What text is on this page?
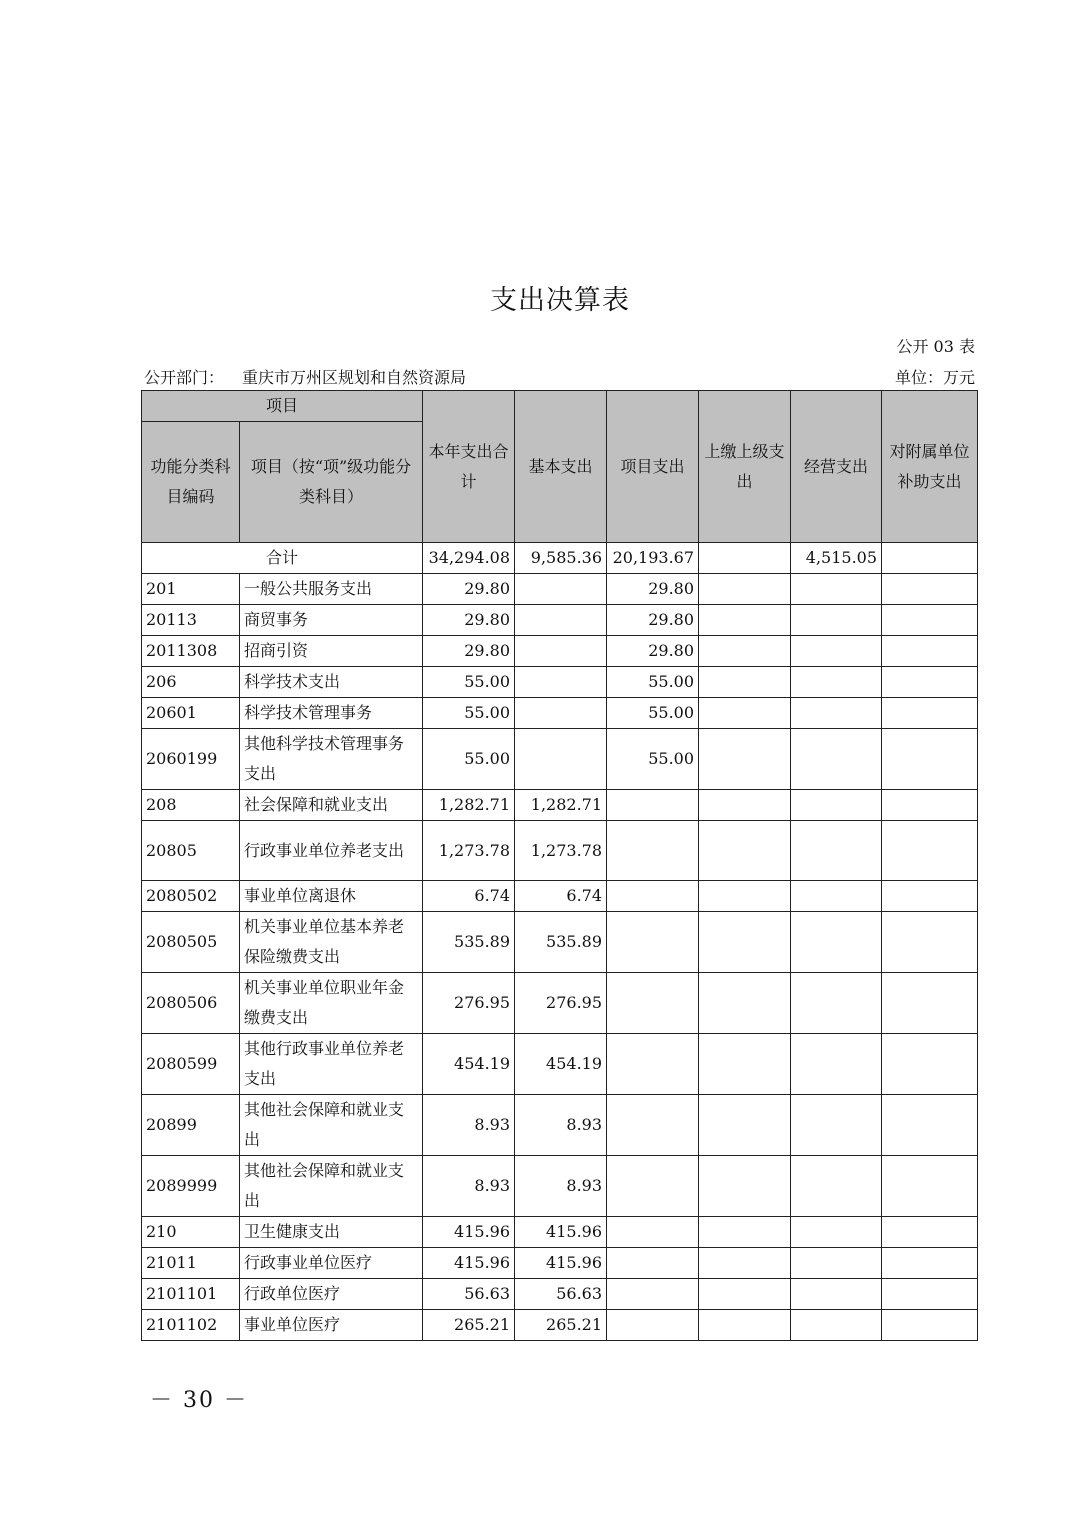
支出决算表
公开 03 表
公开部门： 重庆市万州区规划和自然资源局	单位：万元
项目		本年支出合计	基本支出	项目支出	上缴上级支出	经营支出	对附属单位补助支出
功能分类科目编码	项目（按“项”级功能分类科目）						
合计		34,294.08	9,585.36	20,193.67		4,515.05	
201	一般公共服务支出	29.80		29.80			
20113	商贸事务	29.80		29.80			
2011308	招商引资	29.80		29.80			
206	科学技术支出	55.00		55.00			
20601	科学技术管理事务	55.00		55.00			
2060199	其他科学技术管理事务支出	55.00		55.00			
208	社会保障和就业支出	1,282.71	1,282.71				
20805	行政事业单位养老支出	1,273.78	1,273.78				
2080502	事业单位离退休	6.74	6.74				
2080505	机关事业单位基本养老保险缴费支出	535.89	535.89				
2080506	机关事业单位职业年金缴费支出	276.95	276.95				
2080599	其他行政事业单位养老支出	454.19	454.19				
20899	其他社会保障和就业支出	8.93	8.93				
2089999	其他社会保障和就业支出	8.93	8.93				
210	卫生健康支出	415.96	415.96				
21011	行政事业单位医疗	415.96	415.96				
2101101	行政单位医疗	56.63	56.63				
2101102	事业单位医疗	265.21	265.21				
－ 30 －
